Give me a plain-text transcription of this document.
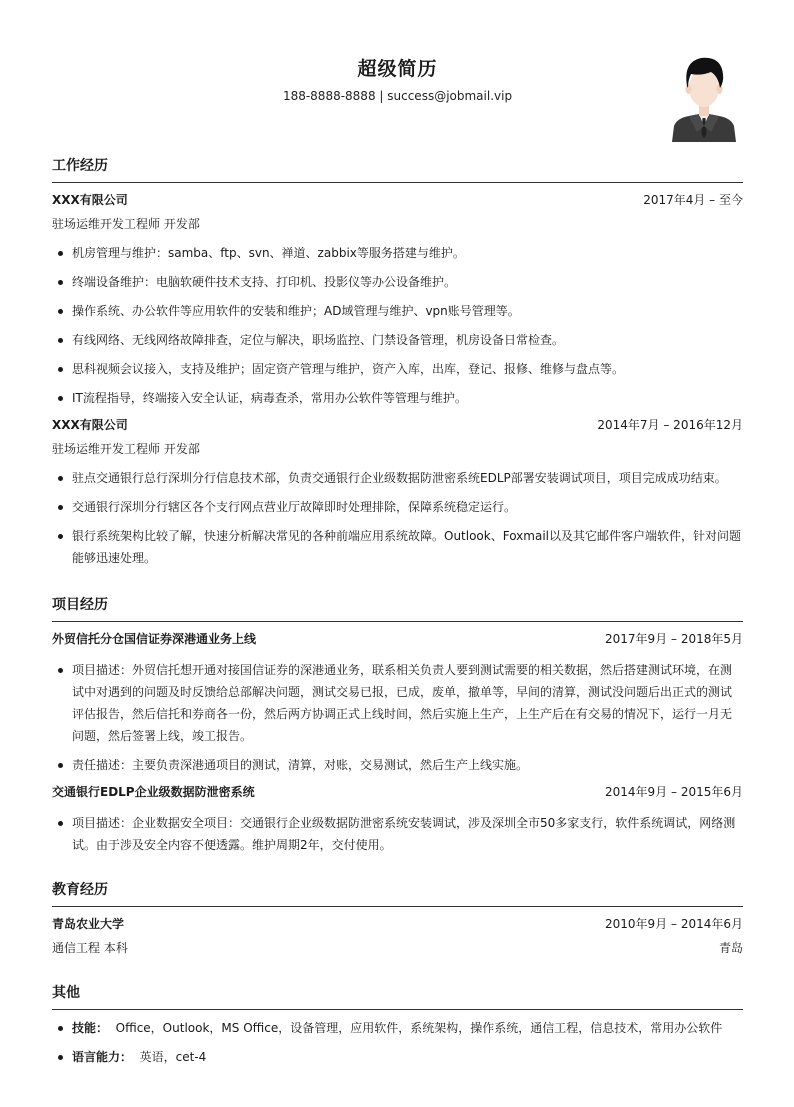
超级简历
188-8888-8888 | success@jobmail.vip
工作经历
XXX有限公司	2017年4月 – 至今
驻场运维开发工程师 开发部
机房管理与维护：samba、ftp、svn、禅道、zabbix等服务搭建与维护。
终端设备维护：电脑软硬件技术支持、打印机、投影仪等办公设备维护。
操作系统、办公软件等应用软件的安装和维护；AD域管理与维护、vpn账号管理等。
有线网络、无线网络故障排查，定位与解决，职场监控、门禁设备管理，机房设备日常检查。
思科视频会议接入，支持及维护；固定资产管理与维护，资产入库，出库，登记、报修、维修与盘点等。
IT流程指导，终端接入安全认证，病毒查杀，常用办公软件等管理与维护。
XXX有限公司	2014年7月 – 2016年12月
驻场运维开发工程师 开发部
驻点交通银行总行深圳分行信息技术部，负责交通银行企业级数据防泄密系统EDLP部署安装调试项目，项目完成成功结束。
交通银行深圳分行辖区各个支行网点营业厅故障即时处理排除，保障系统稳定运行。
银行系统架构比较了解，快速分析解决常见的各种前端应用系统故障。Outlook、Foxmail以及其它邮件客户端软件，针对问题能够迅速处理。
项目经历
外贸信托分仓国信证券深港通业务上线	2017年9月 – 2018年5月
项目描述：外贸信托想开通对接国信证券的深港通业务，联系相关负责人要到测试需要的相关数据，然后搭建测试环境，在测试中对遇到的问题及时反馈给总部解决问题，测试交易已报，已成，废单，撤单等，早间的清算，测试没问题后出正式的测试评估报告，然后信托和券商各一份，然后两方协调正式上线时间，然后实施上生产，上生产后在有交易的情况下，运行一月无问题，然后签署上线，竣工报告。
责任描述：主要负责深港通项目的测试，清算，对账，交易测试，然后生产上线实施。
交通银行EDLP企业级数据防泄密系统	2014年9月 – 2015年6月
项目描述：企业数据安全项目：交通银行企业级数据防泄密系统安装调试，涉及深圳全市50多家支行，软件系统调试，网络测试。由于涉及安全内容不便透露。维护周期2年，交付使用。
教育经历
青岛农业大学	2010年9月 – 2014年6月
通信工程 本科	青岛
其他
技能： Office，Outlook，MS Office，设备管理，应用软件，系统架构，操作系统，通信工程，信息技术，常用办公软件
语言能力： 英语，cet-4
